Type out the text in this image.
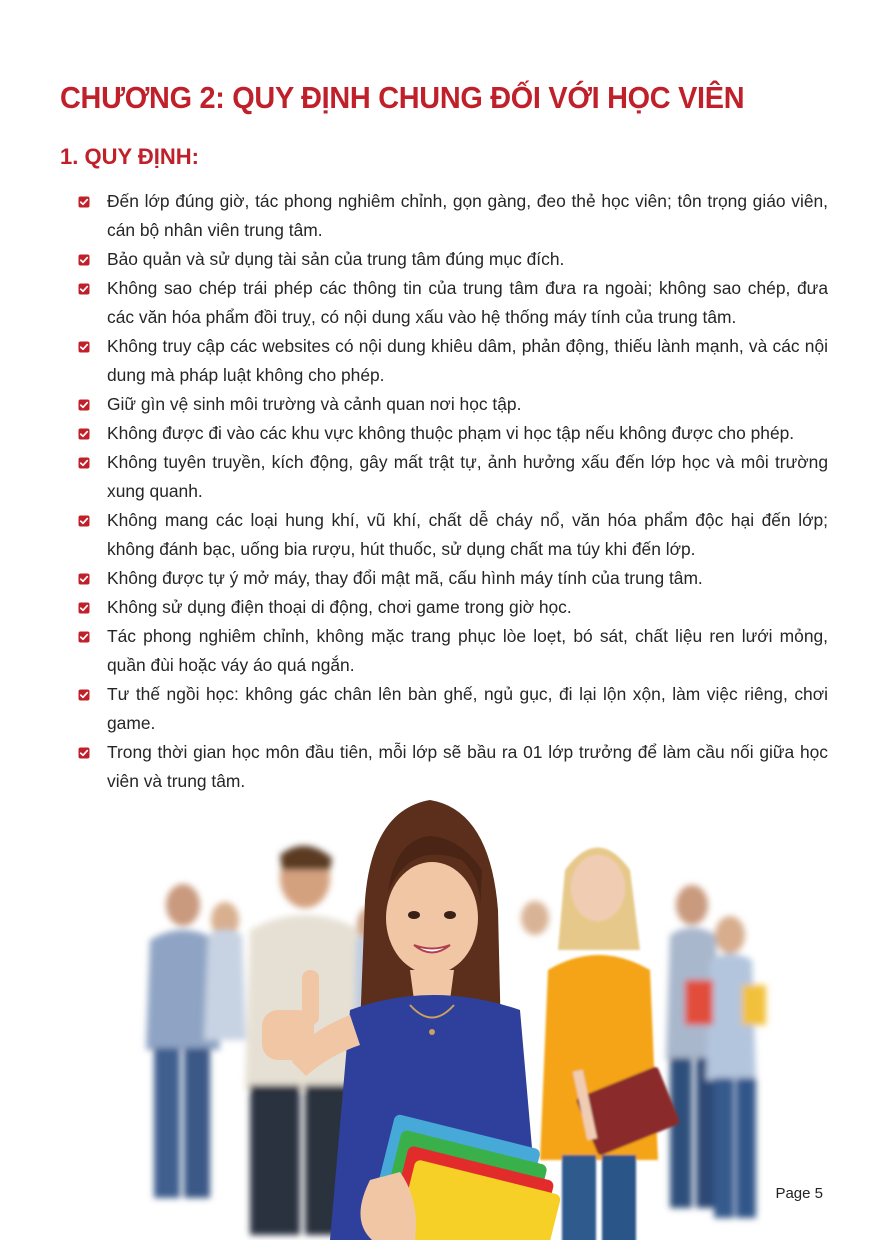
CHƯƠNG 2: QUY ĐỊNH CHUNG ĐỐI VỚI HỌC VIÊN
1. QUY ĐỊNH:
Đến lớp đúng giờ, tác phong nghiêm chỉnh, gọn gàng, đeo thẻ học viên; tôn trọng giáo viên, cán bộ nhân viên trung tâm.
Bảo quản và sử dụng tài sản của trung tâm đúng mục đích.
Không sao chép trái phép các thông tin của trung tâm đưa ra ngoài; không sao chép, đưa các văn hóa phẩm đồi truỵ, có nội dung xấu vào hệ thống máy tính của trung tâm.
Không truy cập các websites có nội dung khiêu dâm, phản động, thiếu lành mạnh, và các nội dung mà pháp luật không cho phép.
Giữ gìn vệ sinh môi trường và cảnh quan nơi học tập.
Không được đi vào các khu vực không thuộc phạm vi học tập nếu không được cho phép.
Không tuyên truyền, kích động, gây mất trật tự, ảnh hưởng xấu đến lớp học và môi trường xung quanh.
Không mang các loại hung khí, vũ khí, chất dễ cháy nổ, văn hóa phẩm độc hại đến lớp; không đánh bạc, uống bia rượu, hút thuốc, sử dụng chất ma túy khi đến lớp.
Không được tự ý mở máy, thay đổi mật mã, cấu hình máy tính của trung tâm.
Không sử dụng điện thoại di động, chơi game trong giờ học.
Tác phong nghiêm chỉnh, không mặc trang phục lòe loẹt, bó sát, chất liệu ren lưới mỏng, quần đùi hoặc váy áo quá ngắn.
Tư thế ngồi học: không gác chân lên bàn ghế, ngủ gục, đi lại lộn xộn, làm việc riêng, chơi game.
Trong thời gian học môn đầu tiên, mỗi lớp sẽ bầu ra 01 lớp trưởng để làm cầu nối giữa học viên và trung tâm.
Page 5
